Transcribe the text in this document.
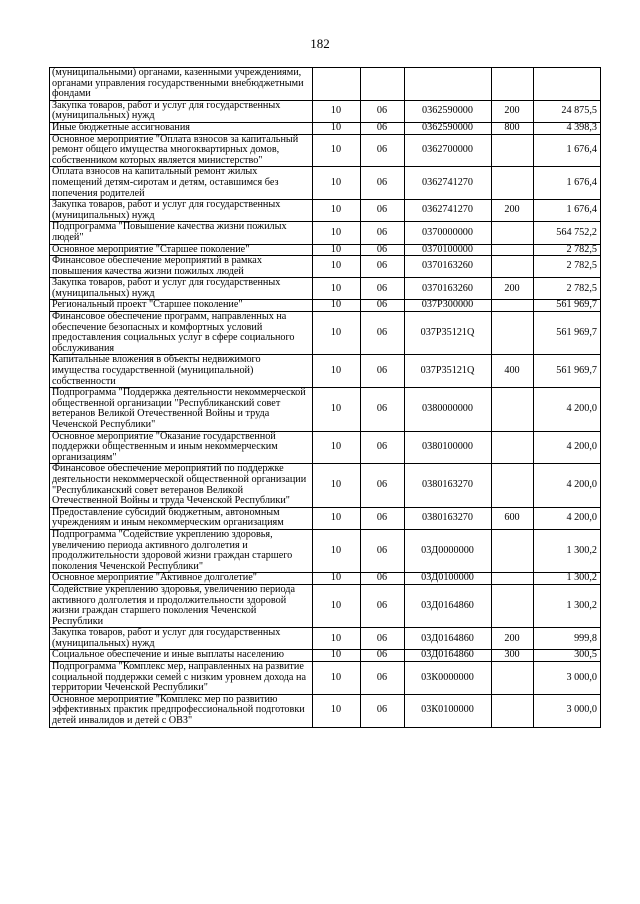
182
(муниципальными) органами, казенными учреждениями, органами управления государственными внебюджетными фондами					
Закупка товаров, работ и услуг для государственных (муниципальных) нужд	10	06	0362590000	200	24 875,5
Иные бюджетные ассигнования	10	06	0362590000	800	4 398,3
Основное мероприятие "Оплата взносов за капитальный ремонт общего имущества многоквартирных домов, собственником которых является министерство"	10	06	0362700000		1 676,4
Оплата взносов на капитальный ремонт жилых помещений детям-сиротам и детям, оставшимся без попечения родителей	10	06	0362741270		1 676,4
Закупка товаров, работ и услуг для государственных (муниципальных) нужд	10	06	0362741270	200	1 676,4
Подпрограмма "Повышение качества жизни пожилых людей"	10	06	0370000000		564 752,2
Основное мероприятие "Старшее поколение"	10	06	0370100000		2 782,5
Финансовое обеспечение мероприятий в рамках повышения качества жизни пожилых людей	10	06	0370163260		2 782,5
Закупка товаров, работ и услуг для государственных (муниципальных) нужд	10	06	0370163260	200	2 782,5
Региональный проект "Старшее поколение"	10	06	037P300000		561 969,7
Финансовое обеспечение программ, направленных на обеспечение безопасных и комфортных условий предоставления социальных услуг в сфере социального обслуживания	10	06	037P35121Q		561 969,7
Капитальные вложения в объекты недвижимого имущества государственной (муниципальной) собственности	10	06	037P35121Q	400	561 969,7
Подпрограмма "Поддержка деятельности некоммерческой общественной организации "Республиканский совет ветеранов Великой Отечественной Войны и труда Чеченской Республики"	10	06	0380000000		4 200,0
Основное мероприятие "Оказание государственной поддержки общественным и иным некоммерческим организациям"	10	06	0380100000		4 200,0
Финансовое обеспечение мероприятий по поддержке деятельности некоммерческой общественной организации "Республиканский совет ветеранов Великой Отечественной Войны и труда Чеченской Республики"	10	06	0380163270		4 200,0
Предоставление субсидий бюджетным, автономным учреждениям и иным некоммерческим организациям	10	06	0380163270	600	4 200,0
Подпрограмма "Содействие укреплению здоровья, увеличению периода активного долголетия и продолжительности здоровой жизни граждан старшего поколения Чеченской Республики"	10	06	03Д0000000		1 300,2
Основное мероприятие "Активное долголетие"	10	06	03Д0100000		1 300,2
Содействие укреплению здоровья, увеличению периода активного долголетия и продолжительности здоровой жизни граждан старшего поколения Чеченской Республики	10	06	03Д0164860		1 300,2
Закупка товаров, работ и услуг для государственных (муниципальных) нужд	10	06	03Д0164860	200	999,8
Социальное обеспечение и иные выплаты населению	10	06	03Д0164860	300	300,5
Подпрограмма "Комплекс мер, направленных на развитие социальной поддержки семей с низким уровнем дохода на территории Чеченской Республики"	10	06	03К0000000		3 000,0
Основное мероприятие "Комплекс мер по развитию эффективных практик предпрофессиональной подготовки детей инвалидов и детей с ОВЗ"	10	06	03К0100000		3 000,0
